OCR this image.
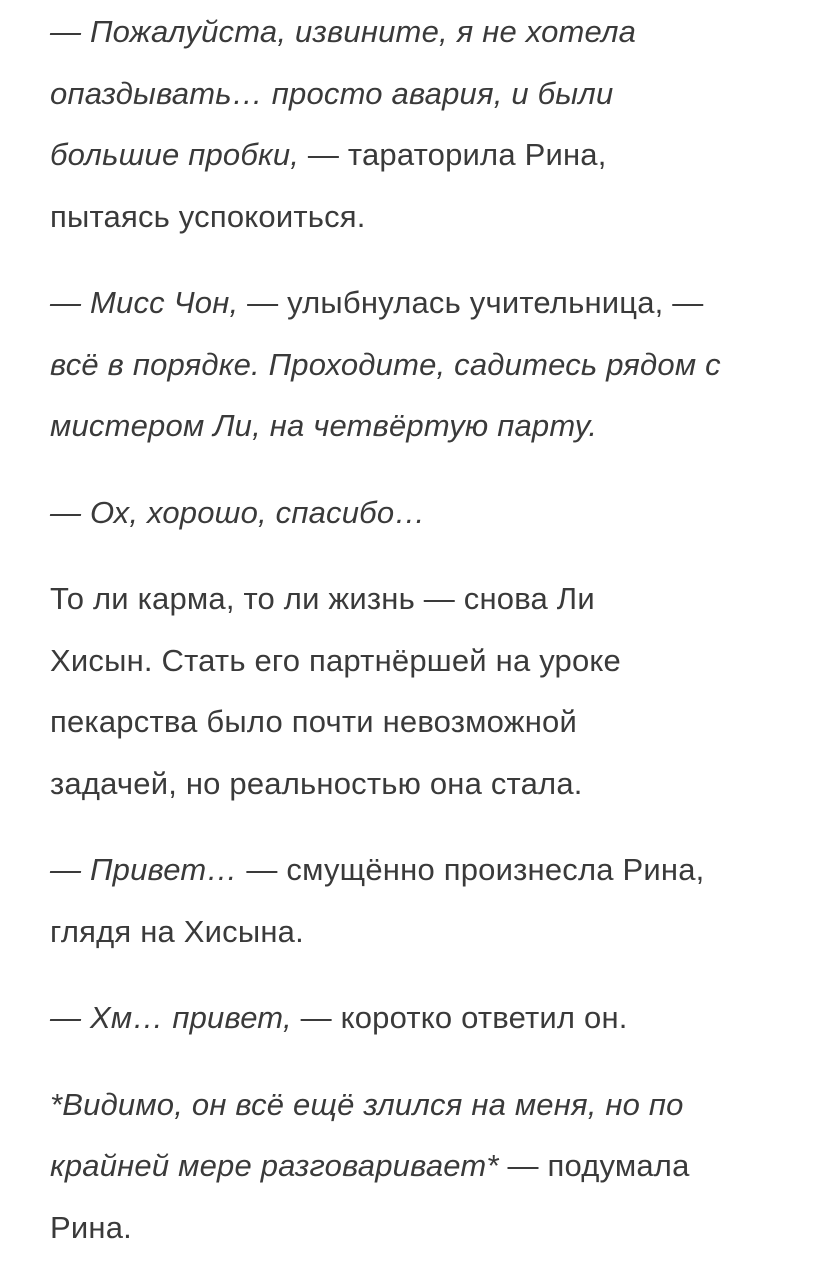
— Пожалуйста, извините, я не хотела
опаздывать… просто авария, и были
большие пробки, — тараторила Рина,
пытаясь успокоиться.

— Мисс Чон, — улыбнулась учительница, —
всё в порядке. Проходите, садитесь рядом с
мистером Ли, на четвёртую парту.

— Ох, хорошо, спасибо…

То ли карма, то ли жизнь — снова Ли
Хисын. Стать его партнёршей на уроке
пекарства было почти невозможной
задачей, но реальностью она стала.

— Привет… — смущённо произнесла Рина,
глядя на Хисына.

— Хм… привет, — коротко ответил он.

*Видимо, он всё ещё злился на меня, но по
крайней мере разговаривает* — подумала
Рина.
